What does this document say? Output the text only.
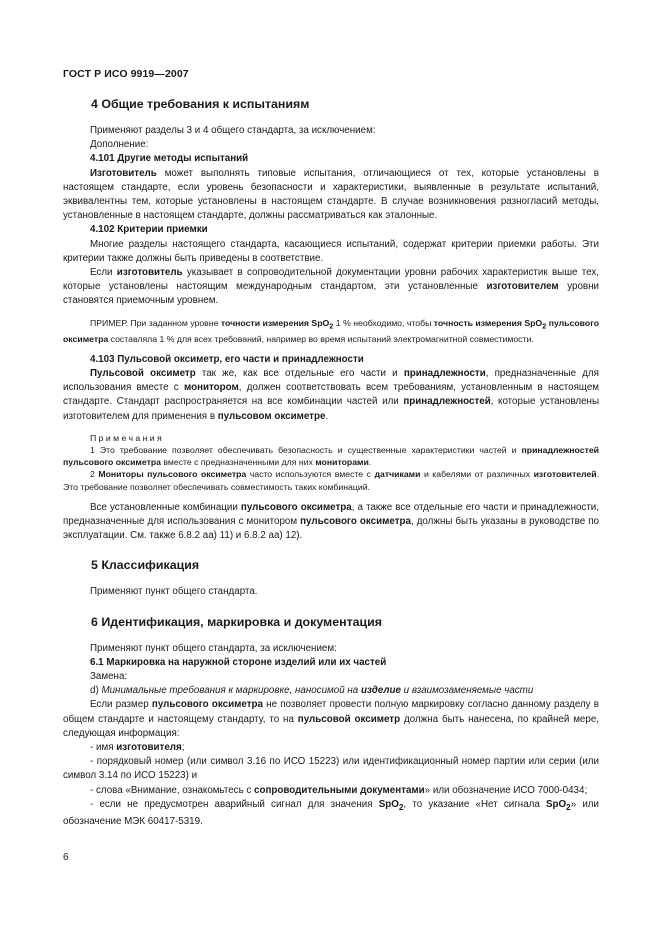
ГОСТ Р ИСО 9919—2007
4 Общие требования к испытаниям

Применяют разделы 3 и 4 общего стандарта, за исключением:

Дополнение:

4.101 Другие методы испытаний

Изготовитель может выполнять типовые испытания, отличающиеся от тех, которые установлены в настоящем стандарте, если уровень безопасности и характеристики, выявленные в результате испытаний, эквивалентны тем, которые установлены в настоящем стандарте. В случае возникновения разногласий методы, установленные в настоящем стандарте, должны рассматриваться как эталонные.

4.102 Критерии приемки

Многие разделы настоящего стандарта, касающиеся испытаний, содержат критерии приемки работы. Эти критерии также должны быть приведены в соответствие.

Если изготовитель указывает в сопроводительной документации уровни рабочих характеристик выше тех, которые установлены настоящим международным стандартом, эти установленные изготовителем уровни становятся приемочным уровнем.

ПРИМЕР. При заданном уровне точности измерения SpO$_2$ 1 % необходимо, чтобы точность измерения SpO$_2$ пульсового оксиметра составляла 1 % для всех требований, например во время испытаний электромагнитной совместимости.

4.103 Пульсовой оксиметр, его части и принадлежности

Пульсовой оксиметр так же, как все отдельные его части и принадлежности, предназначенные для использования вместе с монитором, должен соответствовать всем требованиям, установленным в настоящем стандарте. Стандарт распространяется на все комбинации частей или принадлежностей, которые установлены изготовителем для применения в пульсовом оксиметре.

Примечания

1 Это требование позволяет обеспечивать безопасность и существенные характеристики частей и принадлежностей пульсового оксиметра вместе с предназначенными для них мониторами.

2 Мониторы пульсового оксиметра часто используются вместе с датчиками и кабелями от различных изготовителей. Это требование позволяет обеспечивать совместимость таких комбинаций.

Все установленные комбинации пульсового оксиметра, а также все отдельные его части и принадлежности, предназначенные для использования с монитором пульсового оксиметра, должны быть указаны в руководстве по эксплуатации. См. также 6.8.2 аа) 11) и 6.8.2 аа) 12).

5 Классификация

Применяют пункт общего стандарта.

6 Идентификация, маркировка и документация

Применяют пункт общего стандарта, за исключением:

6.1 Маркировка на наружной стороне изделий или их частей

Замена:

d) Минимальные требования к маркировке, наносимой на изделие и взаимозаменяемые части

Если размер пульсового оксиметра не позволяет провести полную маркировку согласно данному разделу в общем стандарте и настоящему стандарту, то на пульсовой оксиметр должна быть нанесена, по крайней мере, следующая информация:

- имя изготовителя;

- порядковый номер (или символ 3.16 по ИСО 15223) или идентификационный номер партии или серии (или символ 3.14 по ИСО 15223) и

- слова «Внимание, ознакомьтесь с сопроводительными документами» или обозначение ИСО 7000-0434;

- если не предусмотрен аварийный сигнал для значения SpO$_2$, то указание «Нет сигнала SpO$_2$» или обозначение МЭК 60417-5319.

6
